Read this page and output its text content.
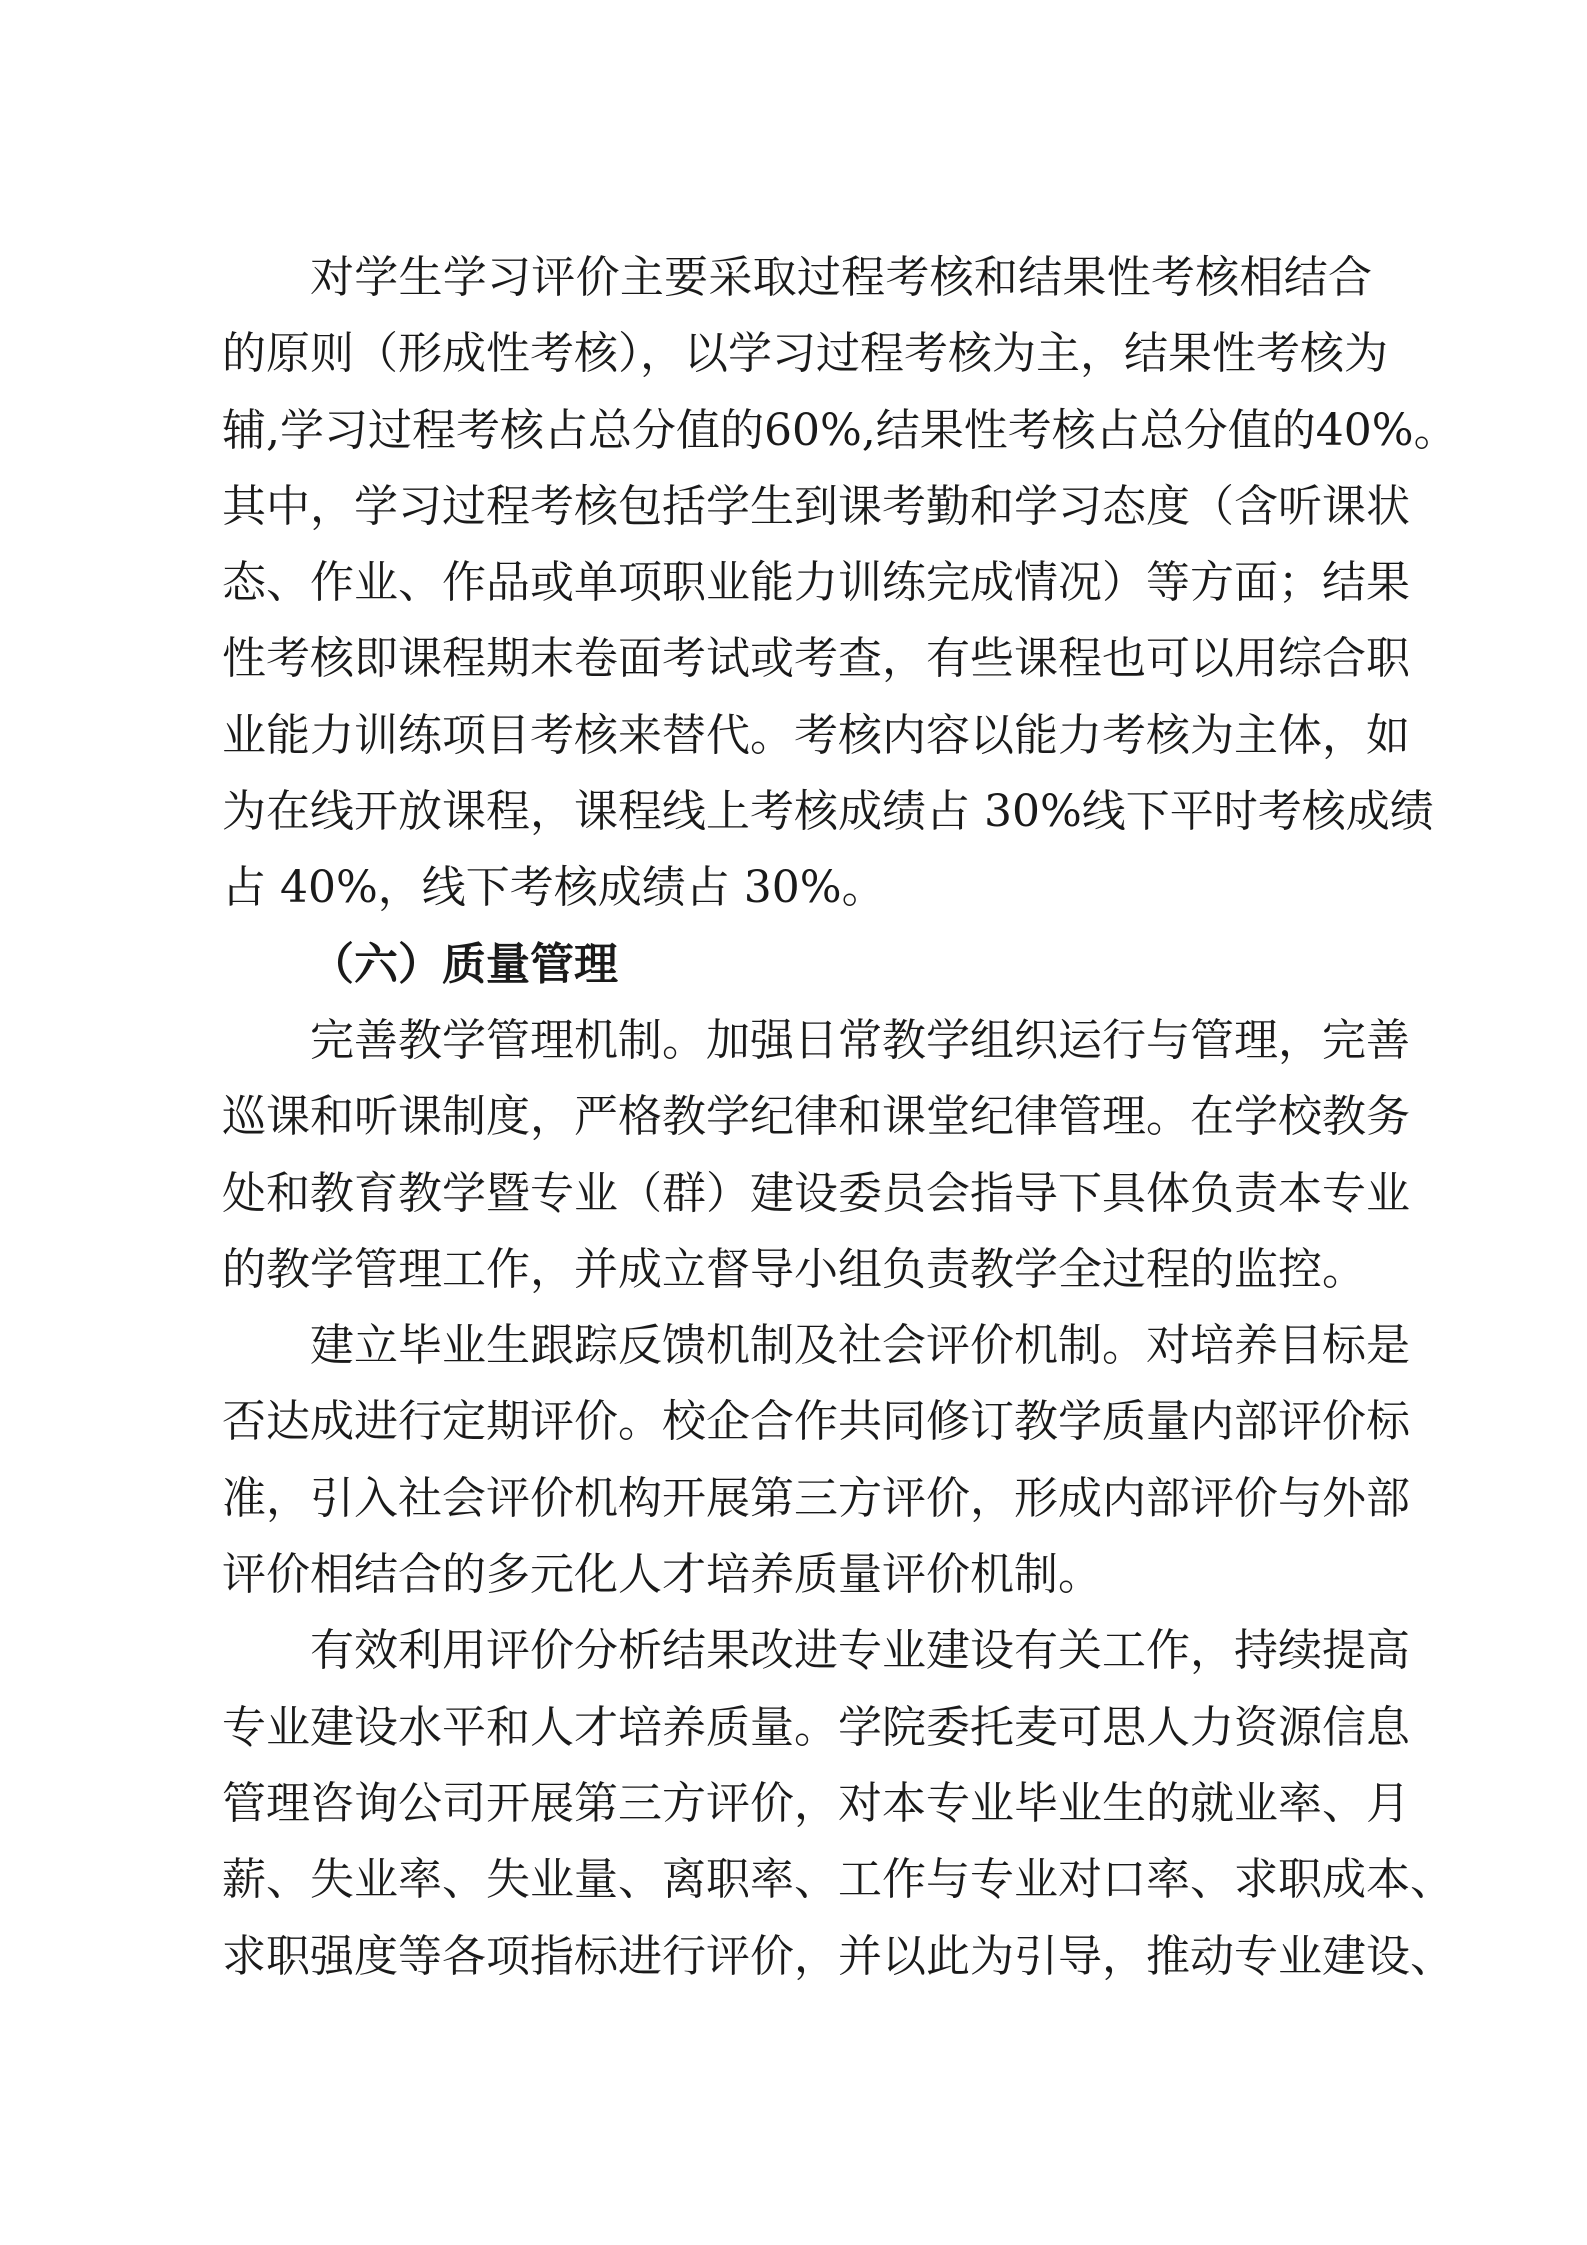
对学生学习评价主要采取过程考核和结果性考核相结合
的原则（形成性考核），以学习过程考核为主，结果性考核为
辅,学习过程考核占总分值的60%,结果性考核占总分值的40%。
其中，学习过程考核包括学生到课考勤和学习态度（含听课状
态、作业、作品或单项职业能力训练完成情况）等方面；结果
性考核即课程期末卷面考试或考查，有些课程也可以用综合职
业能力训练项目考核来替代。考核内容以能力考核为主体，如
为在线开放课程，课程线上考核成绩占 30%线下平时考核成绩
占 40%，线下考核成绩占 30%。
（六）质量管理
完善教学管理机制。加强日常教学组织运行与管理，完善
巡课和听课制度，严格教学纪律和课堂纪律管理。在学校教务
处和教育教学暨专业（群）建设委员会指导下具体负责本专业
的教学管理工作，并成立督导小组负责教学全过程的监控。
建立毕业生跟踪反馈机制及社会评价机制。对培养目标是
否达成进行定期评价。校企合作共同修订教学质量内部评价标
准，引入社会评价机构开展第三方评价，形成内部评价与外部
评价相结合的多元化人才培养质量评价机制。
有效利用评价分析结果改进专业建设有关工作，持续提高
专业建设水平和人才培养质量。学院委托麦可思人力资源信息
管理咨询公司开展第三方评价，对本专业毕业生的就业率、月
薪、失业率、失业量、离职率、工作与专业对口率、求职成本、
求职强度等各项指标进行评价，并以此为引导，推动专业建设、
